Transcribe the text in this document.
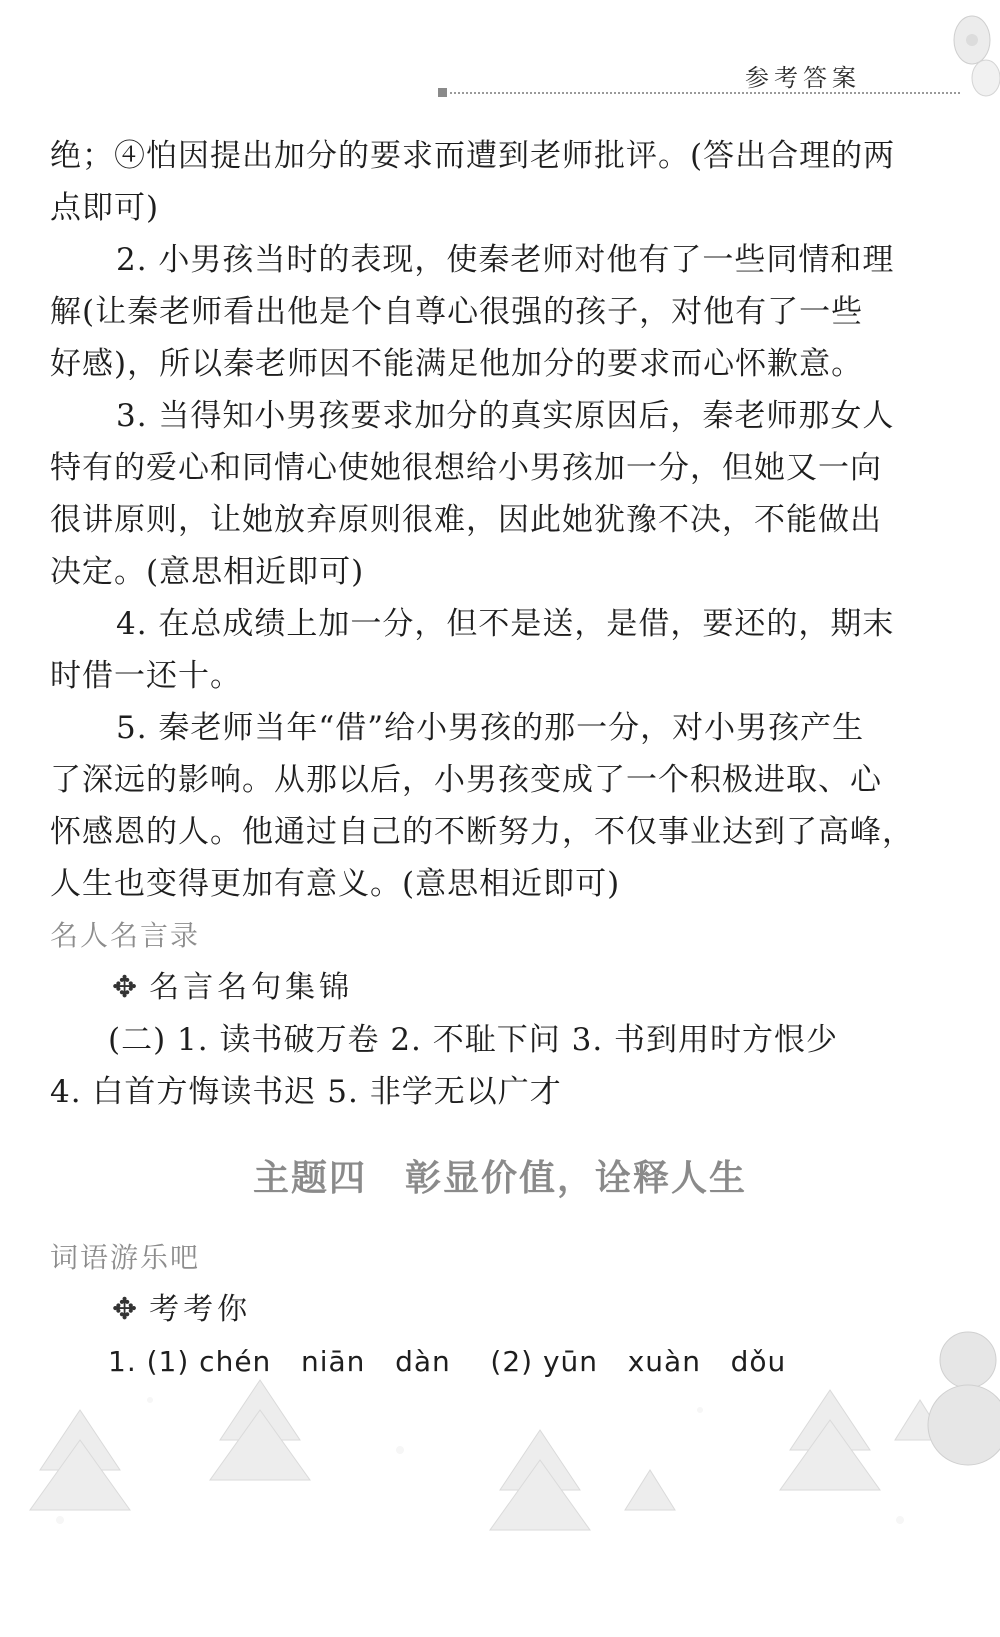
参考答案
绝；④怕因提出加分的要求而遭到老师批评。(答出合理的两
点即可)
2. 小男孩当时的表现，使秦老师对他有了一些同情和理
解(让秦老师看出他是个自尊心很强的孩子，对他有了一些
好感)，所以秦老师因不能满足他加分的要求而心怀歉意。
3. 当得知小男孩要求加分的真实原因后，秦老师那女人
特有的爱心和同情心使她很想给小男孩加一分，但她又一向
很讲原则，让她放弃原则很难，因此她犹豫不决，不能做出
决定。(意思相近即可)
4. 在总成绩上加一分，但不是送，是借，要还的，期末
时借一还十。
5. 秦老师当年“借”给小男孩的那一分，对小男孩产生
了深远的影响。从那以后，小男孩变成了一个积极进取、心
怀感恩的人。他通过自己的不断努力，不仅事业达到了高峰，
人生也变得更加有意义。(意思相近即可)
名人名言录
✥ 名言名句集锦
(二) 1. 读书破万卷 2. 不耻下问 3. 书到用时方恨少
4. 白首方悔读书迟 5. 非学无以广才
主题四　彰显价值，诠释人生
词语游乐吧
✥ 考考你
1. (1) chén   niān   dàn    (2) yūn   xuàn   dǒu
